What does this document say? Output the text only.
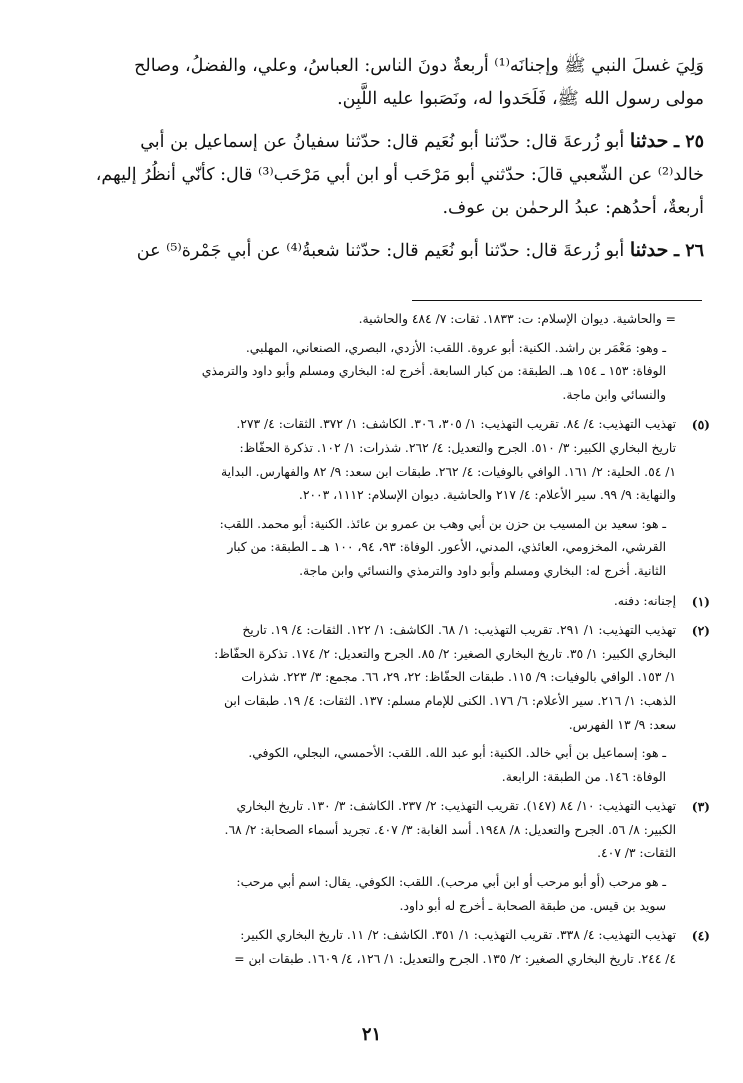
وَلِيَ غسلَ النبي ﷺ وإجنانَه⁽¹⁾ أربعةٌ دونَ الناس: العباسُ، وعلي، والفضلُ، وصالح

مولى رسول الله ﷺ، فَلَحَدوا له، ونَصَبوا عليه اللَّبِن.

٢٥ ـ حدثنا أبو زُرعةَ قال: حدّثنا أبو نُعَيم قال: حدّثنا سفيانُ عن إسماعيل بن أبي

خالد⁽²⁾ عن الشّعبي قالَ: حدّثني أبو مَرْحَب أو ابن أبي مَرْحَب⁽³⁾ قال: كأنّي أنظُرُ إليهم،

أربعةٌ، أحدُهم: عبدُ الرحمٰن بن عوف.

٢٦ ـ حدثنا أبو زُرعةَ قال: حدّثنا أبو نُعَيم قال: حدّثنا شعبةُ⁽⁴⁾ عن أبي جَمْرة⁽⁵⁾ عن

= والحاشية. ديوان الإسلام: ت: ١٨٣٣. ثقات: ٧/ ٤٨٤ والحاشية.
ـ وهو: مَعْمَر بن راشد. الكنية: أبو عروة. اللقب: الأزدي، البصري، الصنعاني، المهلبي.
الوفاة: ١٥٣ ـ ١٥٤ هـ. الطبقة: من كبار السابعة. أخرج له: البخاري ومسلم وأبو داود والترمذي
والنسائي وابن ماجة.
(٥)
تهذيب التهذيب: ٤/ ٨٤. تقريب التهذيب: ١/ ٣٠٥، ٣٠٦. الكاشف: ١/ ٣٧٢. الثقات: ٤/ ٢٧٣.
تاريخ البخاري الكبير: ٣/ ٥١٠. الجرح والتعديل: ٤/ ٢٦٢. شذرات: ١/ ١٠٢. تذكرة الحفّاظ:
١/ ٥٤. الحلية: ٢/ ١٦١. الوافي بالوفيات: ٤/ ٢٦٢. طبقات ابن سعد: ٩/ ٨٢ والفهارس. البداية
والنهاية: ٩/ ٩٩. سير الأعلام: ٤/ ٢١٧ والحاشية. ديوان الإسلام: ١١١٢، ٢٠٠٣.
ـ هو: سعيد بن المسيب بن حزن بن أبي وهب بن عمرو بن عائذ. الكنية: أبو محمد. اللقب:
القرشي، المخزومي، العائذي، المدني، الأعور. الوفاة: ٩٣، ٩٤، ١٠٠ هـ ـ الطبقة: من كبار
الثانية. أخرج له: البخاري ومسلم وأبو داود والترمذي والنسائي وابن ماجة.
(١)
إجنانه: دفنه.
(٢)
تهذيب التهذيب: ١/ ٢٩١. تقريب التهذيب: ١/ ٦٨. الكاشف: ١/ ١٢٢. الثقات: ٤/ ١٩. تاريخ
البخاري الكبير: ١/ ٣٥. تاريخ البخاري الصغير: ٢/ ٨٥. الجرح والتعديل: ٢/ ١٧٤. تذكرة الحفّاظ:
١/ ١٥٣. الوافي بالوفيات: ٩/ ١١٥. طبقات الحفّاظ: ٢٢، ٢٩، ٦٦. مجمع: ٣/ ٢٢٣. شذرات
الذهب: ١/ ٢١٦. سير الأعلام: ٦/ ١٧٦. الكنى للإمام مسلم: ١٣٧. الثقات: ٤/ ١٩. طبقات ابن
سعد: ٩/ ١٣ الفهرس.
ـ هو: إسماعيل بن أبي خالد. الكنية: أبو عبد الله. اللقب: الأحمسي، البجلي، الكوفي.
الوفاة: ١٤٦. من الطبقة: الرابعة.
(٣)
تهذيب التهذيب: ١٠/ ٨٤ (١٤٧). تقريب التهذيب: ٢/ ٢٣٧. الكاشف: ٣/ ١٣٠. تاريخ البخاري
الكبير: ٨/ ٥٦. الجرح والتعديل: ٨/ ١٩٤٨. أسد الغابة: ٣/ ٤٠٧. تجريد أسماء الصحابة: ٢/ ٦٨.
الثقات: ٣/ ٤٠٧.
ـ هو مرحب (أو أبو مرحب أو ابن أبي مرحب). اللقب: الكوفي. يقال: اسم أبي مرحب:
سويد بن قيس. من طبقة الصحابة ـ أخرج له أبو داود.
(٤)
تهذيب التهذيب: ٤/ ٣٣٨. تقريب التهذيب: ١/ ٣٥١. الكاشف: ٢/ ١١. تاريخ البخاري الكبير:
٤/ ٢٤٤. تاريخ البخاري الصغير: ٢/ ١٣٥. الجرح والتعديل: ١/ ١٢٦، ٤/ ١٦٠٩. طبقات ابن =
٢١
